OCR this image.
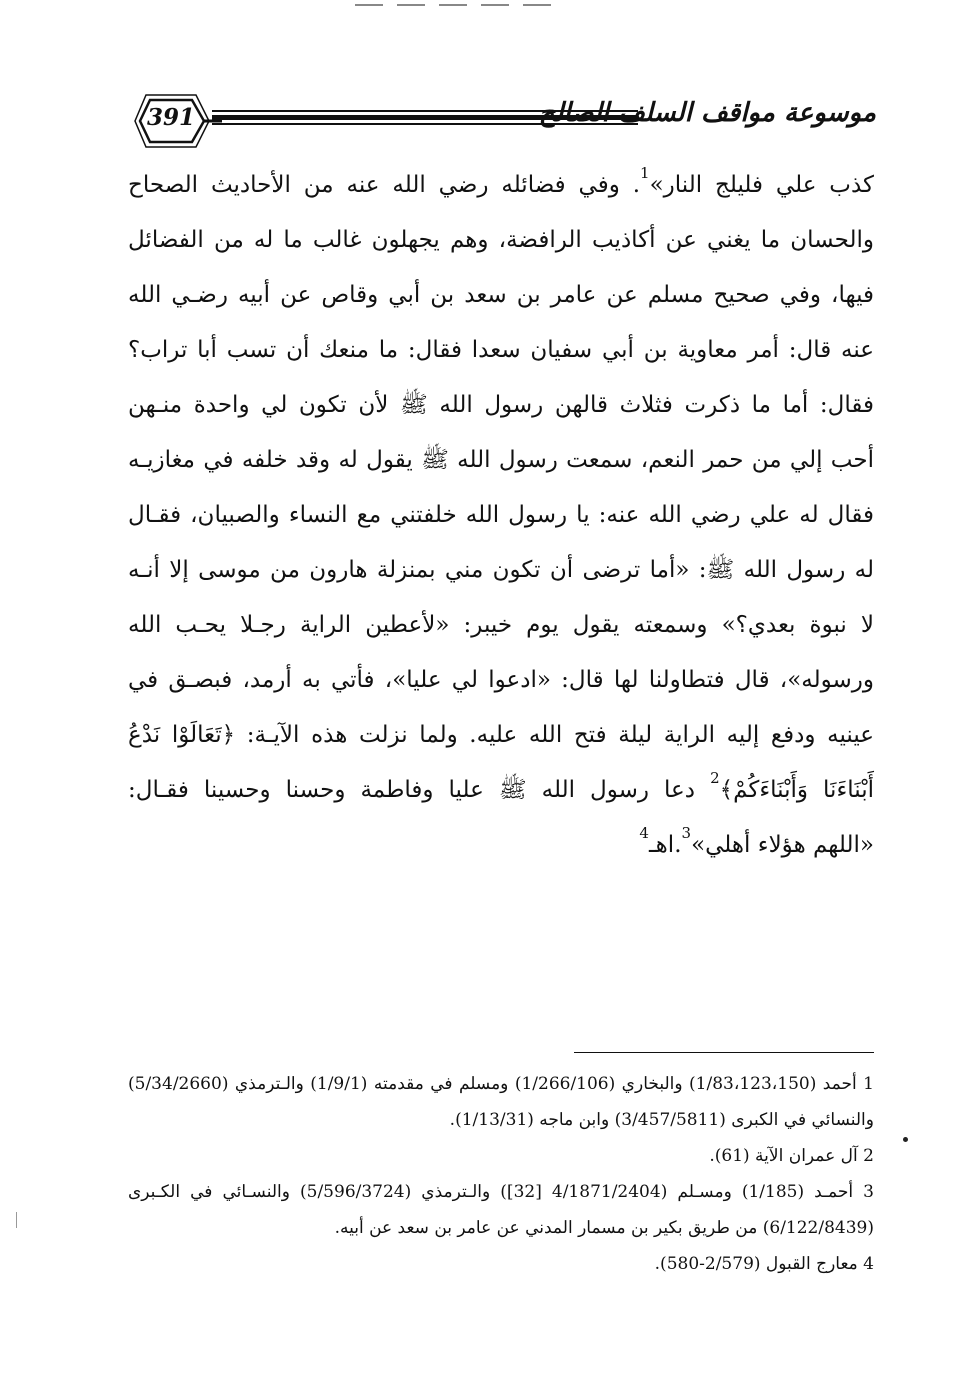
391	موسوعة مواقف السلف الصالح
كذب علي فليلج النار»$^1$. وفي فضائله رضي الله عنه من الأحاديث الصحاح
والحسان ما يغني عن أكاذيب الرافضة، وهم يجهلون غالب ما له من الفضائل
فيها، وفي صحيح مسلم عن عامر بن سعد بن أبي وقاص عن أبيه رضـي الله
عنه قال: أمر معاوية بن أبي سفيان سعدا فقال: ما منعك أن تسب أبا تراب؟
فقال: أما ما ذكرت فثلاث قالهن رسول الله ﷺ لأن تكون لي واحدة منـهن
أحب إلي من حمر النعم، سمعت رسول الله ﷺ يقول له وقد خلفه في مغازيـه
فقال له علي رضي الله عنه: يا رسول الله خلفتني مع النساء والصبيان، فقـال
له رسول الله ﷺ: «أما ترضى أن تكون مني بمنزلة هارون من موسى إلا أنـه
لا نبوة بعدي؟» وسمعته يقول يوم خيبر: «لأعطين الراية رجـلا يحـب الله
ورسوله»، قال فتطاولنا لها قال: «ادعوا لي عليا»، فأتي به أرمد، فبصـق في
عينيه ودفع إليه الراية ليلة فتح الله عليه. ولما نزلت هذه الآيـة: ﴿تَعَالَوْا نَدْعُ
أَبْنَاءَنَا وَأَبْنَاءَكُمْ﴾$^2$ دعا رسول الله ﷺ عليا وفاطمة وحسنا وحسينا فقـال:
«اللهم هؤلاء أهلي»$^3$.اهـ$^4$
1 أحمد (1/83،123،150) والبخاري (1/266/106) ومسلم في مقدمته (1/9/1) والـترمذي (5/34/2660)
والنسائي في الكبرى (3/457/5811) وابن ماجه (1/13/31).
2 آل عمران الآية (61).
3 أحمـد (1/185) ومسـلم (4/1871/2404 [32]) والـترمذي (5/596/3724) والنسـائي في الكـبرى
(6/122/8439) من طريق بكير بن مسمار المدني عن عامر بن سعد عن أبيه.
4 معارج القبول (2/579-580).
